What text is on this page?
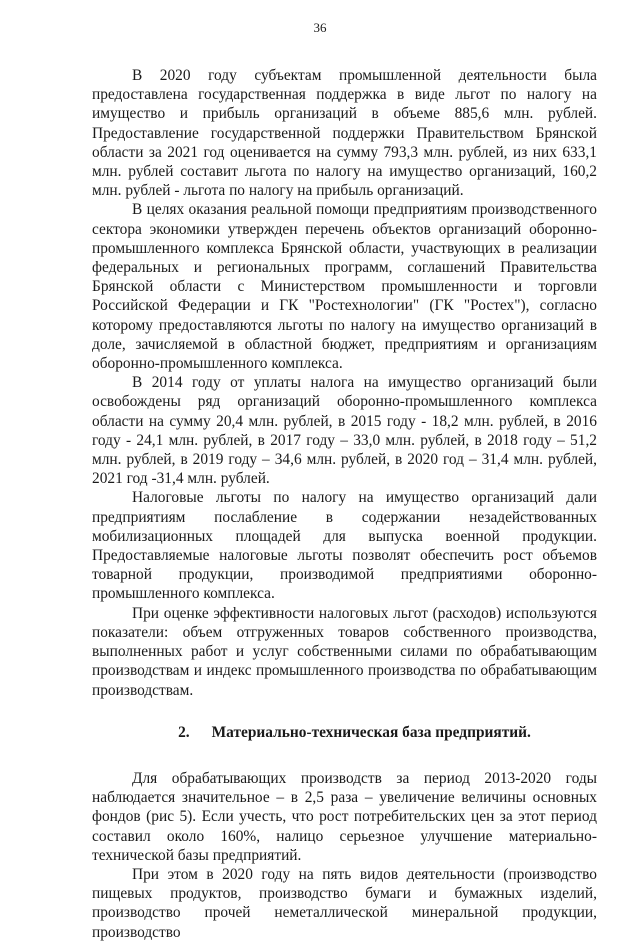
36

В 2020 году субъектам промышленной деятельности была предоставлена государственная поддержка в виде льгот по налогу на имущество и прибыль организаций в объеме 885,6 млн. рублей. Предоставление государственной поддержки Правительством Брянской области за 2021 год оценивается на сумму 793,3 млн. рублей, из них 633,1 млн. рублей составит льгота по налогу на имущество организаций, 160,2 млн. рублей - льгота по налогу на прибыль организаций.

В целях оказания реальной помощи предприятиям производственного сектора экономики утвержден перечень объектов организаций оборонно-промышленного комплекса Брянской области, участвующих в реализации федеральных и региональных программ, соглашений Правительства Брянской области с Министерством промышленности и торговли Российской Федерации и ГК "Ростехнологии" (ГК "Ростех"), согласно которому предоставляются льготы по налогу на имущество организаций в доле, зачисляемой в областной бюджет, предприятиям и организациям оборонно-промышленного комплекса.

В 2014 году от уплаты налога на имущество организаций были освобождены ряд организаций оборонно-промышленного комплекса области на сумму 20,4 млн. рублей, в 2015 году - 18,2 млн. рублей, в 2016 году - 24,1 млн. рублей, в 2017 году – 33,0 млн. рублей, в 2018 году – 51,2 млн. рублей, в 2019 году – 34,6 млн. рублей, в 2020 год – 31,4 млн. рублей, 2021 год -31,4 млн. рублей.

Налоговые льготы по налогу на имущество организаций дали предприятиям послабление в содержании незадействованных мобилизационных площадей для выпуска военной продукции. Предоставляемые налоговые льготы позволят обеспечить рост объемов товарной продукции, производимой предприятиями оборонно-промышленного комплекса.

При оценке эффективности налоговых льгот (расходов) используются показатели: объем отгруженных товаров собственного производства, выполненных работ и услуг собственными силами по обрабатывающим производствам и индекс промышленного производства по обрабатывающим производствам.

2. Материально-техническая база предприятий.

Для обрабатывающих производств за период 2013-2020 годы наблюдается значительное – в 2,5 раза – увеличение величины основных фондов (рис 5). Если учесть, что рост потребительских цен за этот период составил около 160%, налицо серьезное улучшение материально-технической базы предприятий.

При этом в 2020 году на пять видов деятельности (производство пищевых продуктов, производство бумаги и бумажных изделий, производство прочей неметаллической минеральной продукции, производство
